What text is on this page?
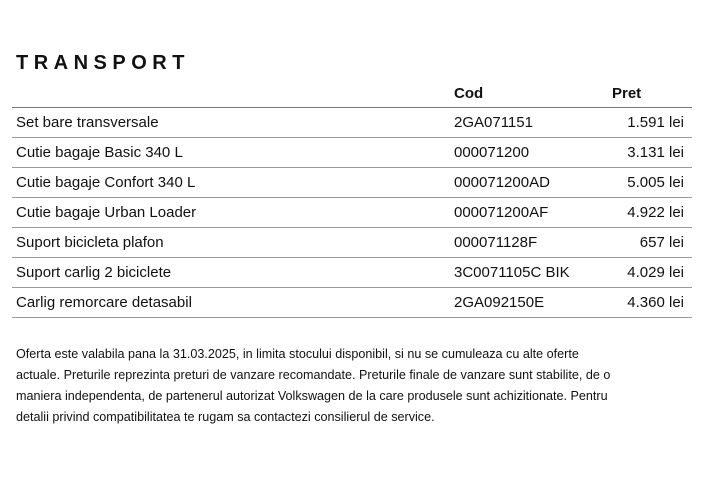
TRANSPORT
	Cod	Pret
Set bare transversale	2GA071151	1.591 lei
Cutie bagaje Basic 340 L	000071200	3.131 lei
Cutie bagaje Confort 340 L	000071200AD	5.005 lei
Cutie bagaje Urban Loader	000071200AF	4.922 lei
Suport bicicleta plafon	000071128F	657 lei
Suport carlig 2 biciclete	3C0071105C BIK	4.029 lei
Carlig remorcare detasabil	2GA092150E	4.360 lei
Oferta este valabila pana la 31.03.2025, in limita stocului disponibil, si nu se cumuleaza cu alte oferte
actuale. Preturile reprezinta preturi de vanzare recomandate. Preturile finale de vanzare sunt stabilite, de o
maniera independenta, de partenerul autorizat Volkswagen de la care produsele sunt achizitionate. Pentru
detalii privind compatibilitatea te rugam sa contactezi consilierul de service.
